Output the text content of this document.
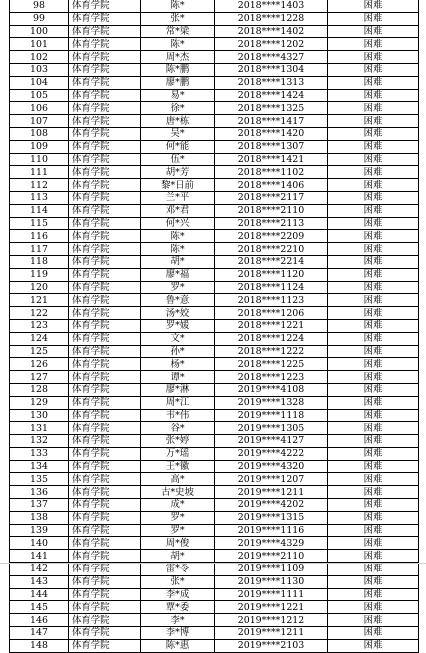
98	体育学院	陈*	2018****1403	困难
99	体育学院	张*	2018****1228	困难
100	体育学院	常*梁	2018****1402	困难
101	体育学院	陈*	2018****1202	困难
102	体育学院	周*杰	2018****4327	困难
103	体育学院	陈*鹏	2018****1304	困难
104	体育学院	廖*鹏	2018****1313	困难
105	体育学院	易*	2018****1424	困难
106	体育学院	徐*	2018****1325	困难
107	体育学院	唐*栋	2018****1417	困难
108	体育学院	吴*	2018****1420	困难
109	体育学院	何*能	2018****1307	困难
110	体育学院	伍*	2018****1421	困难
111	体育学院	胡*芳	2018****1102	困难
112	体育学院	黎*日前	2018****1406	困难
113	体育学院	兰*平	2018****2117	困难
114	体育学院	邓*君	2018****2110	困难
115	体育学院	何*兴	2018****2113	困难
116	体育学院	陈*	2018****2209	困难
117	体育学院	陈*	2018****2210	困难
118	体育学院	胡*	2018****2214	困难
119	体育学院	廖*福	2018****1120	困难
120	体育学院	罗*	2018****1124	困难
121	体育学院	鲁*意	2018****1123	困难
122	体育学院	汤*姣	2018****1206	困难
123	体育学院	罗*媛	2018****1221	困难
124	体育学院	文*	2018****1224	困难
125	体育学院	孙*	2018****1222	困难
126	体育学院	杨*	2018****1225	困难
127	体育学院	谭*	2018****1223	困难
128	体育学院	廖*淋	2019****4108	困难
129	体育学院	周*江	2019****1328	困难
130	体育学院	韦*伟	2019****1118	困难
131	体育学院	谷*	2019****1305	困难
132	体育学院	张*婷	2019****4127	困难
133	体育学院	万*瑶	2019****4222	困难
134	体育学院	王*徽	2019****4320	困难
135	体育学院	高*	2019****1207	困难
136	体育学院	古*史坡	2019****1211	困难
137	体育学院	成*	2019****4202	困难
138	体育学院	罗*	2019****1315	困难
139	体育学院	罗*	2019****1116	困难
140	体育学院	周*俊	2019****4329	困难
141	体育学院	胡*	2019****2110	困难
142	体育学院	雷*苓	2019****1109	困难
143	体育学院	张*	2019****1130	困难
144	体育学院	李*成	2019****1111	困难
145	体育学院	覃*委	2019****1221	困难
146	体育学院	李*	2019****1212	困难
147	体育学院	李*博	2019****1211	困难
148	体育学院	陈*惠	2019****2103	困难
